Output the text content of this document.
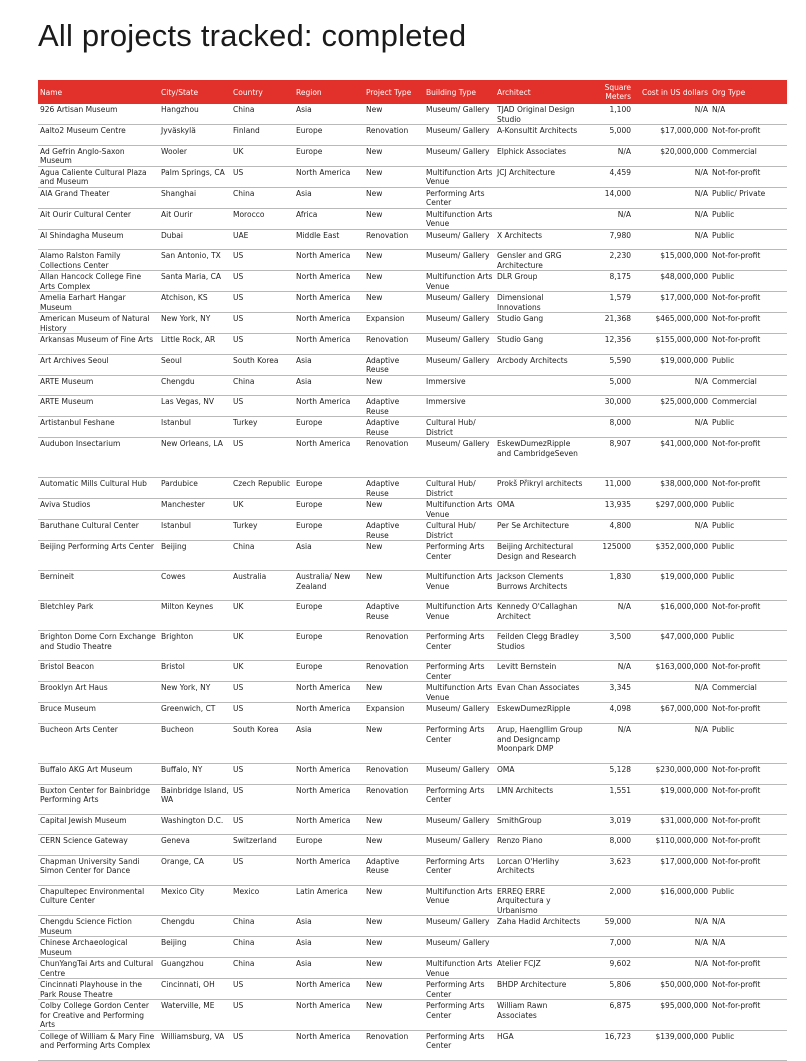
All projects tracked: completed
Name	City/State	Country	Region	Project Type	Building Type	Architect	Square Meters	Cost in US dollars	Org Type
926 Artisan Museum	Hangzhou	China	Asia	New	Museum/ Gallery	TJAD Original Design Studio	1,100	N/A	N/A
Aalto2 Museum Centre	Jyväskylä	Finland	Europe	Renovation	Museum/ Gallery	A-Konsultit Architects	5,000	$17,000,000	Not-for-profit
Ad Gefrin Anglo-Saxon Museum	Wooler	UK	Europe	New	Museum/ Gallery	Elphick Associates	N/A	$20,000,000	Commercial
Agua Caliente Cultural Plaza and Museum	Palm Springs, CA	US	North America	New	Multifunction Arts Venue	JCJ Architecture	4,459	N/A	Not-for-profit
AIA Grand Theater	Shanghai	China	Asia	New	Performing Arts Center		14,000	N/A	Public/ Private
Ait Ourir Cultural Center	Ait Ourir	Morocco	Africa	New	Multifunction Arts Venue		N/A	N/A	Public
Al Shindagha Museum	Dubai	UAE	Middle East	Renovation	Museum/ Gallery	X Architects	7,980	N/A	Public
Alamo Ralston Family Collections Center	San Antonio, TX	US	North America	New	Museum/ Gallery	Gensler and GRG Architecture	2,230	$15,000,000	Not-for-profit
Allan Hancock College Fine Arts Complex	Santa Maria, CA	US	North America	New	Multifunction Arts Venue	DLR Group	8,175	$48,000,000	Public
Amelia Earhart Hangar Museum	Atchison, KS	US	North America	New	Museum/ Gallery	Dimensional Innovations	1,579	$17,000,000	Not-for-profit
American Museum of Natural History	New York, NY	US	North America	Expansion	Museum/ Gallery	Studio Gang	21,368	$465,000,000	Not-for-profit
Arkansas Museum of Fine Arts	Little Rock, AR	US	North America	Renovation	Museum/ Gallery	Studio Gang	12,356	$155,000,000	Not-for-profit
Art Archives Seoul	Seoul	South Korea	Asia	Adaptive Reuse	Museum/ Gallery	Arcbody Architects	5,590	$19,000,000	Public
ARTE Museum	Chengdu	China	Asia	New	Immersive		5,000	N/A	Commercial
ARTE Museum	Las Vegas, NV	US	North America	Adaptive Reuse	Immersive		30,000	$25,000,000	Commercial
Artistanbul Feshane	Istanbul	Turkey	Europe	Adaptive Reuse	Cultural Hub/ District		8,000	N/A	Public
Audubon Insectarium	New Orleans, LA	US	North America	Renovation	Museum/ Gallery	EskewDumezRipple and CambridgeSeven	8,907	$41,000,000	Not-for-profit
Automatic Mills Cultural Hub	Pardubice	Czech Republic	Europe	Adaptive Reuse	Cultural Hub/ District	Prokš Přikryl architects	11,000	$38,000,000	Not-for-profit
Aviva Studios	Manchester	UK	Europe	New	Multifunction Arts Venue	OMA	13,935	$297,000,000	Public
Baruthane Cultural Center	Istanbul	Turkey	Europe	Adaptive Reuse	Cultural Hub/ District	Per Se Architecture	4,800	N/A	Public
Beijing Performing Arts Center	Beijing	China	Asia	New	Performing Arts Center	Beijing Architectural Design and Research	125000	$352,000,000	Public
Bernineit	Cowes	Australia	Australia/ New Zealand	New	Multifunction Arts Venue	Jackson Clements Burrows Architects	1,830	$19,000,000	Public
Bletchley Park	Milton Keynes	UK	Europe	Adaptive Reuse	Multifunction Arts Venue	Kennedy O'Callaghan Architect	N/A	$16,000,000	Not-for-profit
Brighton Dome Corn Exchange and Studio Theatre	Brighton	UK	Europe	Renovation	Performing Arts Center	Feilden Clegg Bradley Studios	3,500	$47,000,000	Public
Bristol Beacon	Bristol	UK	Europe	Renovation	Performing Arts Center	Levitt Bernstein	N/A	$163,000,000	Not-for-profit
Brooklyn Art Haus	New York, NY	US	North America	New	Multifunction Arts Venue	Evan Chan Associates	3,345	N/A	Commercial
Bruce Museum	Greenwich, CT	US	North America	Expansion	Museum/ Gallery	EskewDumezRipple	4,098	$67,000,000	Not-for-profit
Bucheon Arts Center	Bucheon	South Korea	Asia	New	Performing Arts Center	Arup, Haengllim Group and Designcamp Moonpark DMP	N/A	N/A	Public
Buffalo AKG Art Museum	Buffalo, NY	US	North America	Renovation	Museum/ Gallery	OMA	5,128	$230,000,000	Not-for-profit
Buxton Center for Bainbridge Performing Arts	Bainbridge Island, WA	US	North America	Renovation	Performing Arts Center	LMN Architects	1,551	$19,000,000	Not-for-profit
Capital Jewish Museum	Washington D.C.	US	North America	New	Museum/ Gallery	SmithGroup	3,019	$31,000,000	Not-for-profit
CERN Science Gateway	Geneva	Switzerland	Europe	New	Museum/ Gallery	Renzo Piano	8,000	$110,000,000	Not-for-profit
Chapman University Sandi Simon Center for Dance	Orange, CA	US	North America	Adaptive Reuse	Performing Arts Center	Lorcan O'Herlihy Architects	3,623	$17,000,000	Not-for-profit
Chapultepec Environmental Culture Center	Mexico City	Mexico	Latin America	New	Multifunction Arts Venue	ERREQ ERRE Arquitectura y Urbanismo	2,000	$16,000,000	Public
Chengdu Science Fiction Museum	Chengdu	China	Asia	New	Museum/ Gallery	Zaha Hadid Architects	59,000	N/A	N/A
Chinese Archaeological Museum	Beijing	China	Asia	New	Museum/ Gallery		7,000	N/A	N/A
ChunYangTai Arts and Cultural Centre	Guangzhou	China	Asia	New	Multifunction Arts Venue	Atelier FCJZ	9,602	N/A	Not-for-profit
Cincinnati Playhouse in the Park Rouse Theatre	Cincinnati, OH	US	North America	New	Performing Arts Center	BHDP Architecture	5,806	$50,000,000	Not-for-profit
Colby College Gordon Center for Creative and Performing Arts	Waterville, ME	US	North America	New	Performing Arts Center	William Rawn Associates	6,875	$95,000,000	Not-for-profit
College of William & Mary Fine and Performing Arts Complex	Williamsburg, VA	US	North America	Renovation	Performing Arts Center	HGA	16,723	$139,000,000	Public
